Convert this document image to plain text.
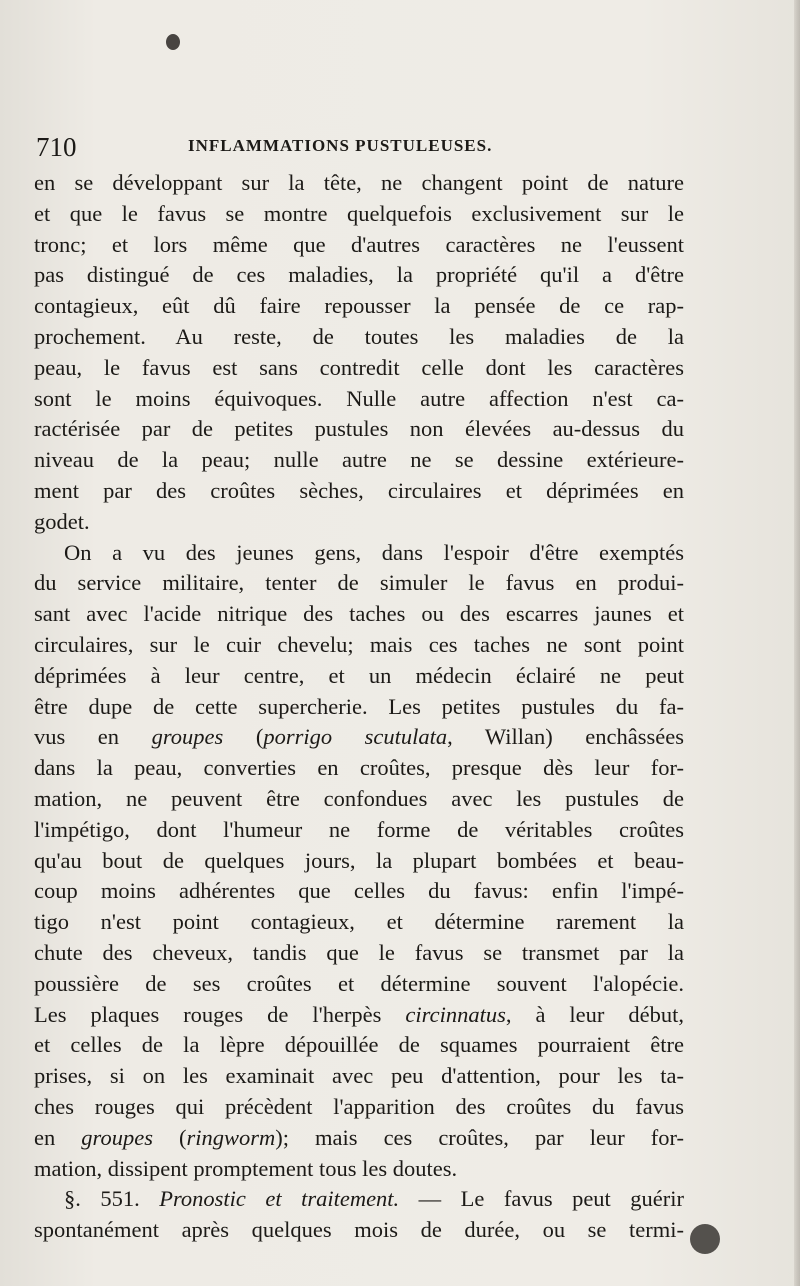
710	INFLAMMATIONS PUSTULEUSES.
en se développant sur la tête, ne changent point de nature
et que le favus se montre quelquefois exclusivement sur le
tronc; et lors même que d'autres caractères ne l'eussent
pas distingué de ces maladies, la propriété qu'il a d'être
contagieux, eût dû faire repousser la pensée de ce rap-
prochement. Au reste, de toutes les maladies de la
peau, le favus est sans contredit celle dont les caractères
sont le moins équivoques. Nulle autre affection n'est ca-
ractérisée par de petites pustules non élevées au-dessus du
niveau de la peau; nulle autre ne se dessine extérieure-
ment par des croûtes sèches, circulaires et déprimées en
godet.
On a vu des jeunes gens, dans l'espoir d'être exemptés
du service militaire, tenter de simuler le favus en produi-
sant avec l'acide nitrique des taches ou des escarres jaunes et
circulaires, sur le cuir chevelu; mais ces taches ne sont point
déprimées à leur centre, et un médecin éclairé ne peut
être dupe de cette supercherie. Les petites pustules du fa-
vus en groupes (porrigo scutulata, Willan) enchâssées
dans la peau, converties en croûtes, presque dès leur for-
mation, ne peuvent être confondues avec les pustules de
l'impétigo, dont l'humeur ne forme de véritables croûtes
qu'au bout de quelques jours, la plupart bombées et beau-
coup moins adhérentes que celles du favus: enfin l'impé-
tigo n'est point contagieux, et détermine rarement la
chute des cheveux, tandis que le favus se transmet par la
poussière de ses croûtes et détermine souvent l'alopécie.
Les plaques rouges de l'herpès circinnatus, à leur début,
et celles de la lèpre dépouillée de squames pourraient être
prises, si on les examinait avec peu d'attention, pour les ta-
ches rouges qui précèdent l'apparition des croûtes du favus
en groupes (ringworm); mais ces croûtes, par leur for-
mation, dissipent promptement tous les doutes.
§. 551. Pronostic et traitement. — Le favus peut guérir
spontanément après quelques mois de durée, ou se termi-
